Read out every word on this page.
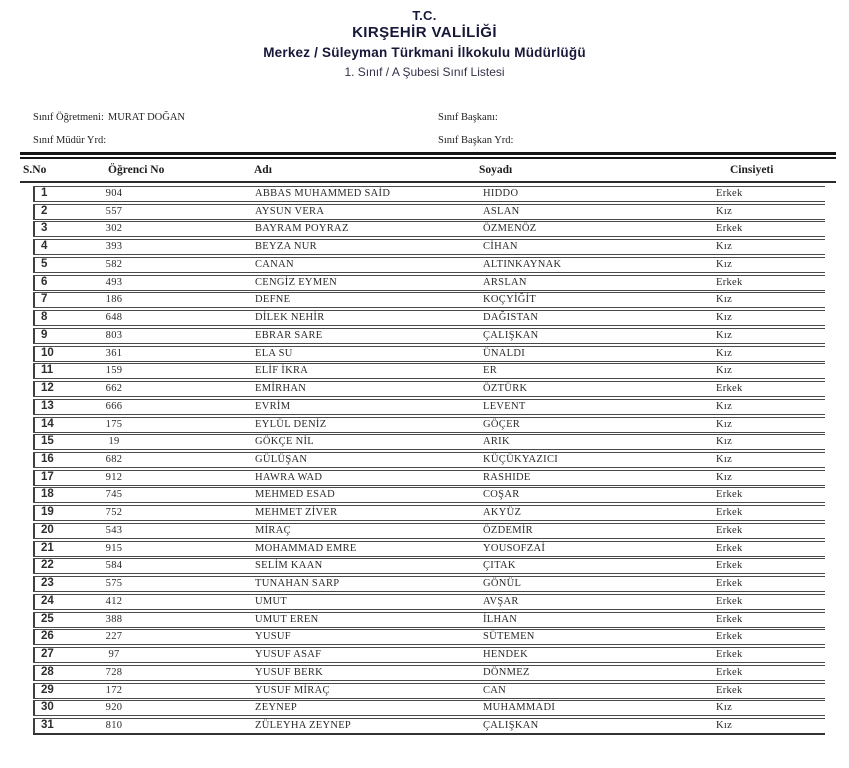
T.C.
KIRŞEHİR VALİLİĞİ
Merkez / Süleyman Türkmani İlkokulu Müdürlüğü
1. Sınıf / A Şubesi Sınıf Listesi
Sınıf Öğretmeni: MURAT DOĞAN
Sınıf Müdür Yrd:
Sınıf Başkanı:
Sınıf Başkan Yrd:
S.No	Öğrenci No	Adı	Soyadı	Cinsiyeti
1	904	ABBAS MUHAMMED SAİD	HIDDO	Erkek
2	557	AYSUN VERA	ASLAN	Kız
3	302	BAYRAM POYRAZ	ÖZMENÖZ	Erkek
4	393	BEYZA NUR	CİHAN	Kız
5	582	CANAN	ALTINKAYNAK	Kız
6	493	CENGİZ EYMEN	ARSLAN	Erkek
7	186	DEFNE	KOÇYİĞİT	Kız
8	648	DİLEK NEHİR	DAĞISTAN	Kız
9	803	EBRAR SARE	ÇALIŞKAN	Kız
10	361	ELA SU	ÜNALDI	Kız
11	159	ELİF İKRA	ER	Kız
12	662	EMİRHAN	ÖZTÜRK	Erkek
13	666	EVRİM	LEVENT	Kız
14	175	EYLÜL DENİZ	GÖÇER	Kız
15	19	GÖKÇE NİL	ARIK	Kız
16	682	GÜLÜŞAN	KÜÇÜKYAZICI	Kız
17	912	HAWRA WAD	RASHIDE	Kız
18	745	MEHMED ESAD	COŞAR	Erkek
19	752	MEHMET ZİVER	AKYÜZ	Erkek
20	543	MİRAÇ	ÖZDEMİR	Erkek
21	915	MOHAMMAD EMRE	YOUSOFZAİ	Erkek
22	584	SELİM KAAN	ÇITAK	Erkek
23	575	TUNAHAN SARP	GÖNÜL	Erkek
24	412	UMUT	AVŞAR	Erkek
25	388	UMUT EREN	İLHAN	Erkek
26	227	YUSUF	SÜTEMEN	Erkek
27	97	YUSUF ASAF	HENDEK	Erkek
28	728	YUSUF BERK	DÖNMEZ	Erkek
29	172	YUSUF MİRAÇ	CAN	Erkek
30	920	ZEYNEP	MUHAMMADI	Kız
31	810	ZÜLEYHA ZEYNEP	ÇALIŞKAN	Kız
